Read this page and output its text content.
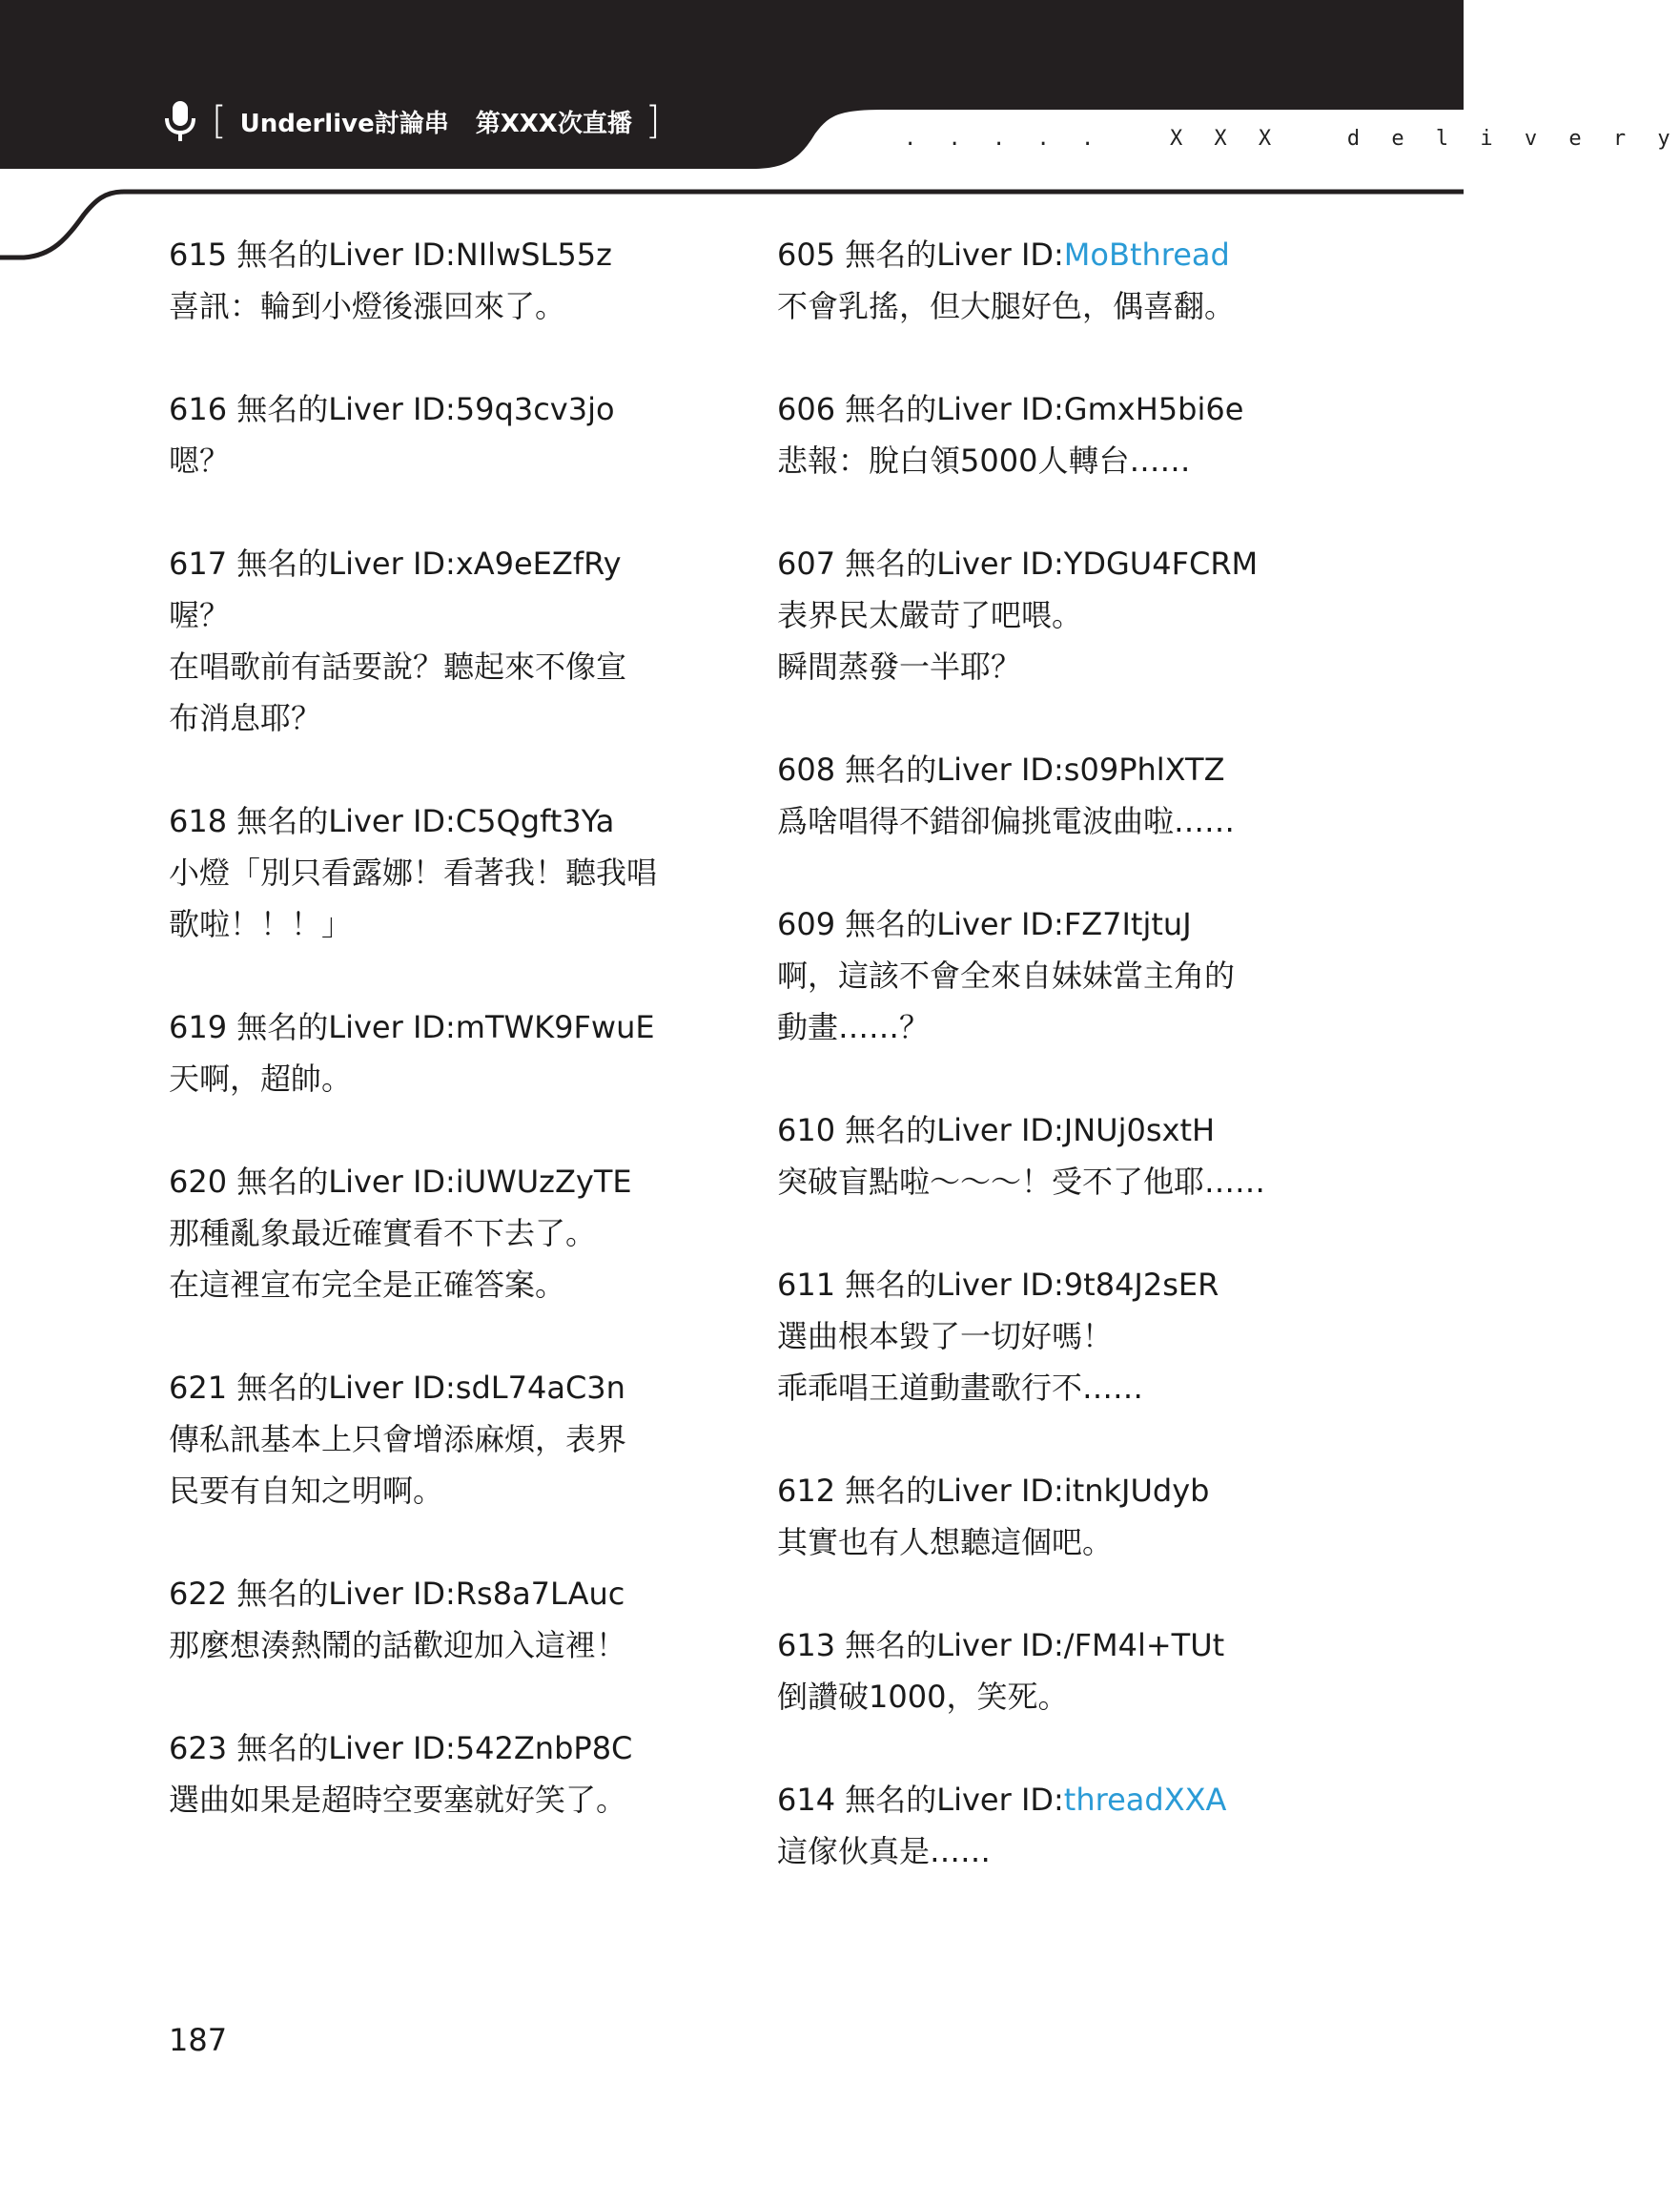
[ Underlive討論串 第XXX次直播 ]	. . . . .   X X X   d e l i v e r y
615 無名的Liver ID:NIlwSL55z
喜訊：輪到小燈後漲回來了。
616 無名的Liver ID:59q3cv3jo
嗯？
617 無名的Liver ID:xA9eEZfRy
喔？
在唱歌前有話要說？聽起來不像宣
布消息耶？
618 無名的Liver ID:C5Qgft3Ya
小燈「別只看露娜！看著我！聽我唱
歌啦！！！」
619 無名的Liver ID:mTWK9FwuE
天啊，超帥。
620 無名的Liver ID:iUWUzZyTE
那種亂象最近確實看不下去了。
在這裡宣布完全是正確答案。
621 無名的Liver ID:sdL74aC3n
傳私訊基本上只會增添麻煩，表界
民要有自知之明啊。
622 無名的Liver ID:Rs8a7LAuc
那麼想湊熱鬧的話歡迎加入這裡！
623 無名的Liver ID:542ZnbP8C
選曲如果是超時空要塞就好笑了。
605 無名的Liver ID:MoBthread
不會乳搖，但大腿好色，偶喜翻。
606 無名的Liver ID:GmxH5bi6e
悲報：脫白領5000人轉台……
607 無名的Liver ID:YDGU4FCRM
表界民太嚴苛了吧喂。
瞬間蒸發一半耶？
608 無名的Liver ID:s09PhlXTZ
爲啥唱得不錯卻偏挑電波曲啦……
609 無名的Liver ID:FZ7ItjtuJ
啊，這該不會全來自妹妹當主角的
動畫……？
610 無名的Liver ID:JNUj0sxtH
突破盲點啦〜〜〜！受不了他耶……
611 無名的Liver ID:9t84J2sER
選曲根本毀了一切好嗎！
乖乖唱王道動畫歌行不……
612 無名的Liver ID:itnkJUdyb
其實也有人想聽這個吧。
613 無名的Liver ID:/FM4l+TUt
倒讚破1000，笑死。
614 無名的Liver ID:threadXXA
這傢伙真是……
187
